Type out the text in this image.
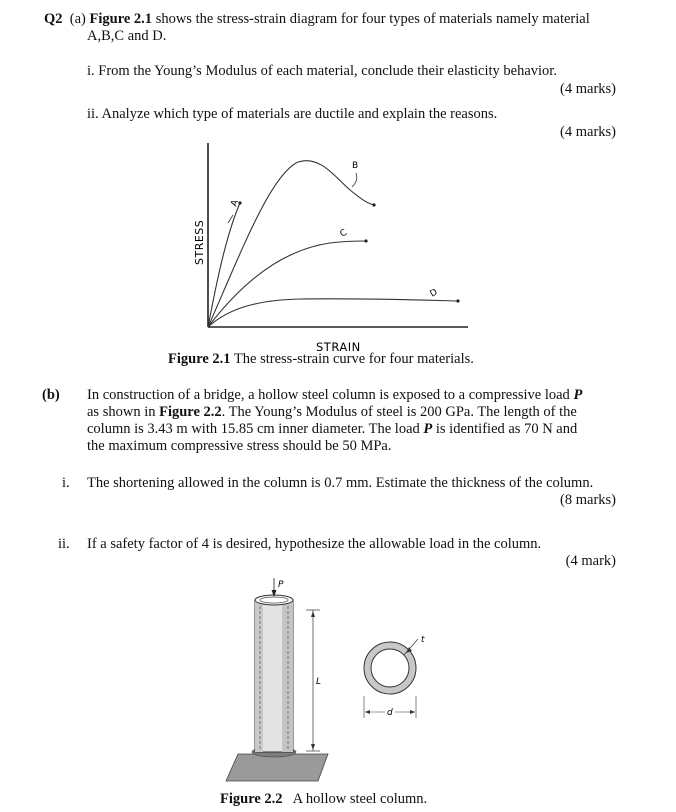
Q2 (a) Figure 2.1 shows the stress-strain diagram for four types of materials namely material
A,B,C and D.
i. From the Young’s Modulus of each material, conclude their elasticity behavior.
(4 marks)
ii. Analyze which type of materials are ductile and explain the reasons.
(4 marks)
A
B
C
D
STRESS
STRAIN
Figure 2.1 The stress-strain curve for four materials.
(b) In construction of a bridge, a hollow steel column is exposed to a compressive load P
as shown in Figure 2.2. The Young’s Modulus of steel is 200 GPa. The length of the
column is 3.43 m with 15.85 cm inner diameter. The load P is identified as 70 N and
the maximum compressive stress should be 50 MPa.
i. The shortening allowed in the column is 0.7 mm. Estimate the thickness of the column.
(8 marks)
ii. If a safety factor of 4 is desired, hypothesize the allowable load in the column.
(4 mark)
P
L
t
d
Figure 2.2   A hollow steel column.
